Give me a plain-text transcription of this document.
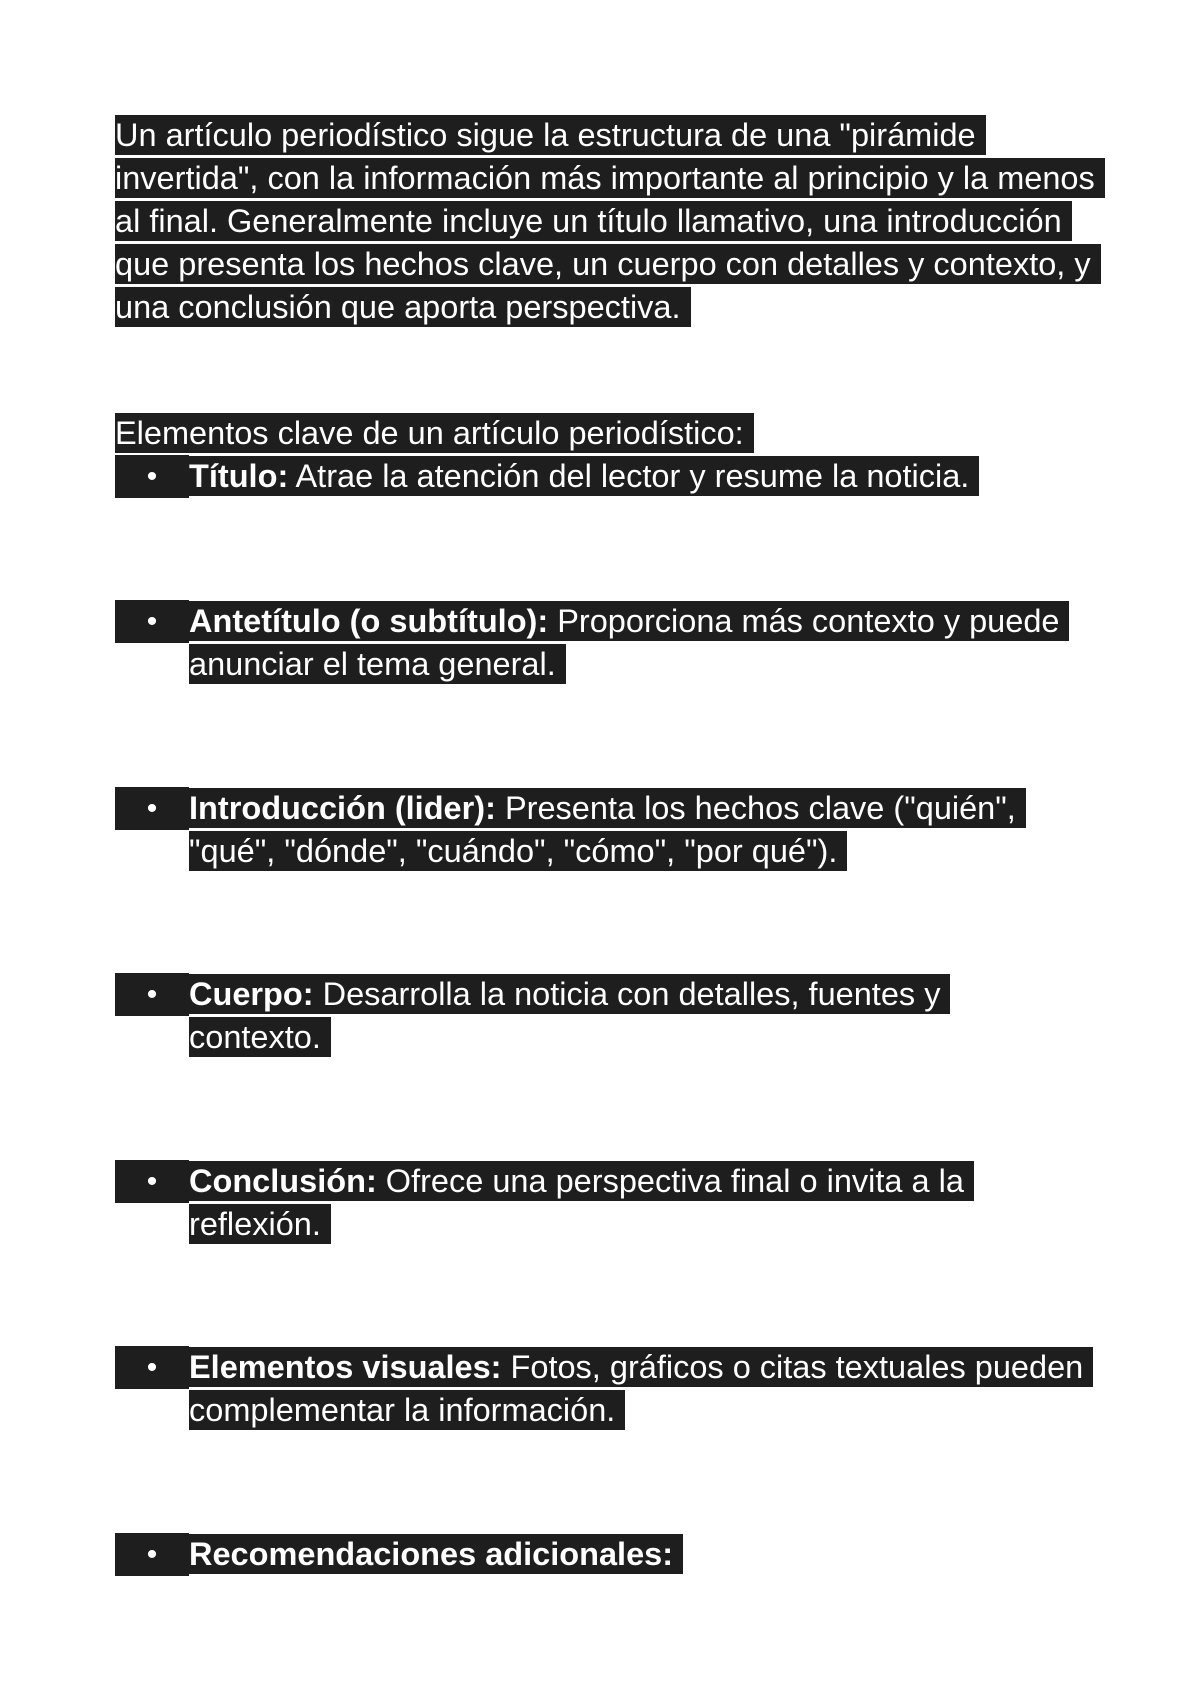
Un artículo periodístico sigue la estructura de una "pirámide invertida", con la información más importante al principio y la menos al final. Generalmente incluye un título llamativo, una introducción que presenta los hechos clave, un cuerpo con detalles y contexto, y una conclusión que aporta perspectiva.

Elementos clave de un artículo periodístico:

• Título: Atrae la atención del lector y resume la noticia.
• Antetítulo (o subtítulo): Proporciona más contexto y puede anunciar el tema general.
• Introducción (lider): Presenta los hechos clave ("quién", "qué", "dónde", "cuándo", "cómo", "por qué").
• Cuerpo: Desarrolla la noticia con detalles, fuentes y contexto.
• Conclusión: Ofrece una perspectiva final o invita a la reflexión.
• Elementos visuales: Fotos, gráficos o citas textuales pueden complementar la información.
• Recomendaciones adicionales:
